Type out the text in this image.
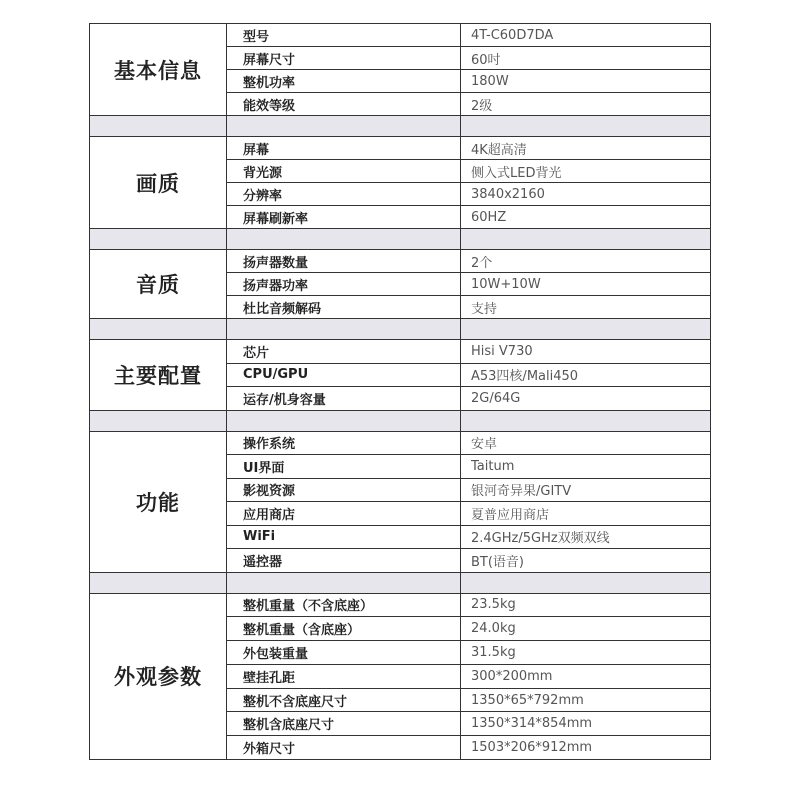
基本信息	型号	4T-C60D7DA
	屏幕尺寸	60吋
	整机功率	180W
	能效等级	2级

画质	屏幕	4K超高清
	背光源	侧入式LED背光
	分辨率	3840x2160
	屏幕刷新率	60HZ

音质	扬声器数量	2个
	扬声器功率	10W+10W
	杜比音频解码	支持

主要配置	芯片	Hisi V730
	CPU/GPU	A53四核/Mali450
	运存/机身容量	2G/64G

功能	操作系统	安卓
	UI界面	Taitum
	影视资源	银河奇异果/GITV
	应用商店	夏普应用商店
	WiFi	2.4GHz/5GHz双频双线
	遥控器	BT(语音)

外观参数	整机重量（不含底座）	23.5kg
	整机重量（含底座）	24.0kg
	外包装重量	31.5kg
	壁挂孔距	300*200mm
	整机不含底座尺寸	1350*65*792mm
	整机含底座尺寸	1350*314*854mm
	外箱尺寸	1503*206*912mm
